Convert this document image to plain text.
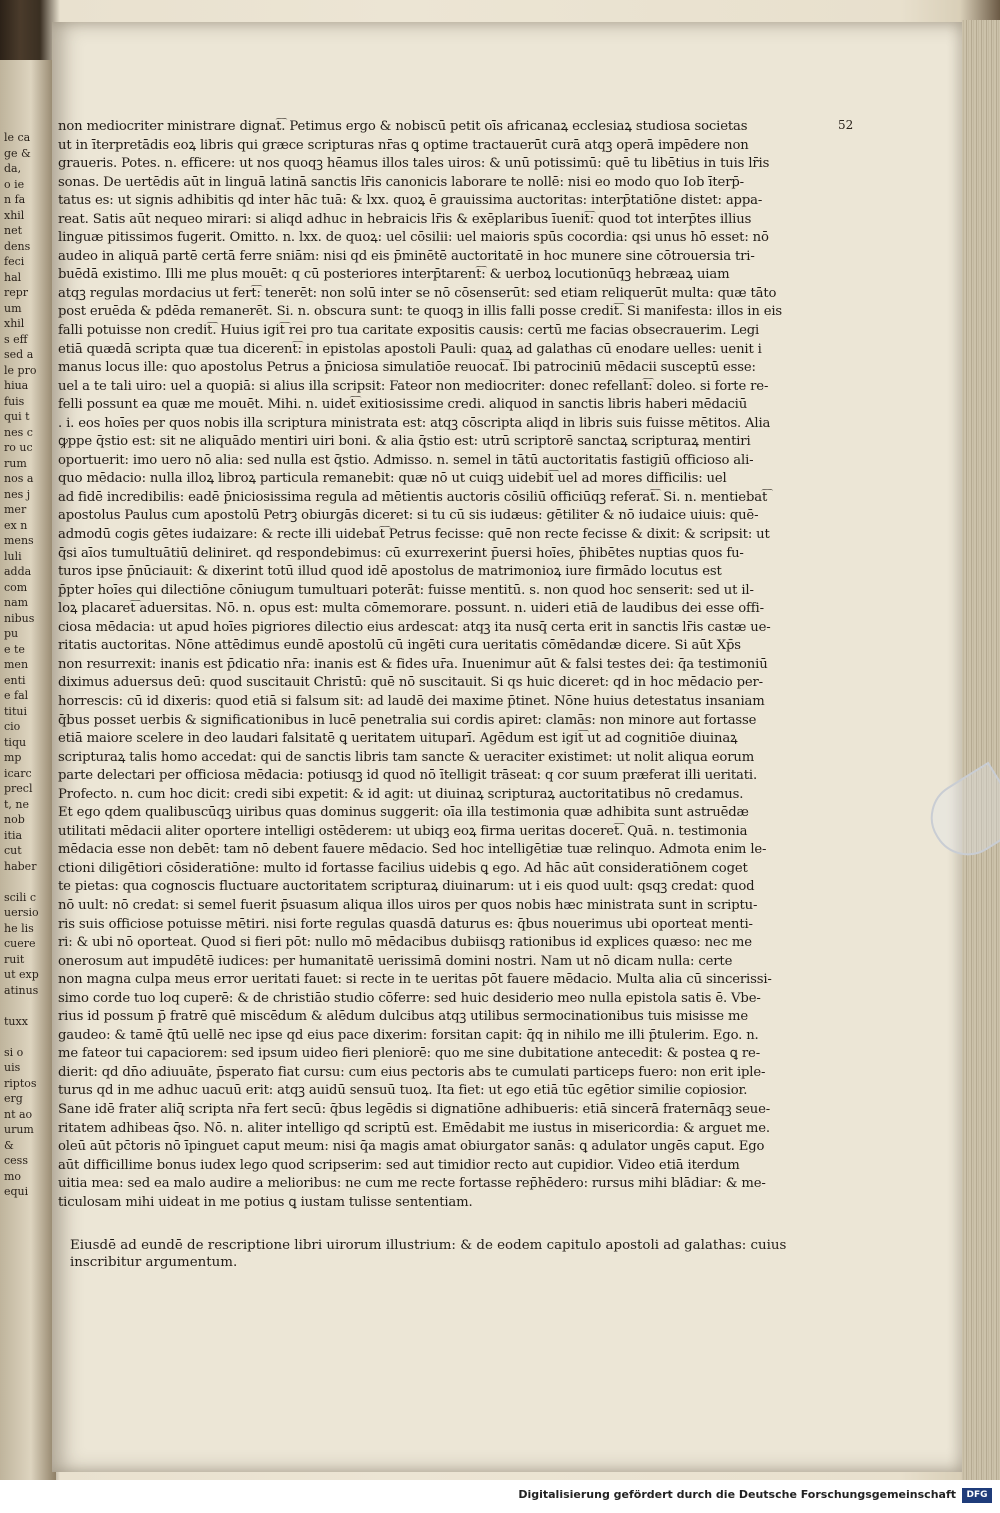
le ca
ge &
da,
o ie
n fa
xhil
net
dens
feci
hal
repr
um
xhil
s eff
sed a
le pro
hiua
fuis
qui t
nes c
ro uc
rum
nos a
nes j
mer
ex n
mens
luli
adda
com
nam
nibus
pu
e te
men
enti
e fal
titui
cio
tiqu
mp
icarc
precl
t, ne
nob
itia
cut
haber

scili c
uersio
he lis
cuere
ruit
ut exp
atinus

tuxx

si o
uis
riptos
erg
nt ao
urum
&
cess
mo
equi

52
non mediocriter ministrare dignat͡. Petimus ergo & nobiscū petit oīs africanaꝝ ecclesiaꝝ studiosa societas
ut in īterpretādis eoꝝ libris qui græce scripturas nr̄as ꝗ optime tractauerūt curā atqꝫ operā impēdere non
graueris. Potes. n. efficere: ut nos quoqꝫ hēamus illos tales uiros: & unū potissimū: quē tu libētius in tuis lr̄is
sonas. De uertēdis aūt in linguā latinā sanctis lr̄is canonicis laborare te nollē: nisi eo modo quo Iob īterp̄-
tatus es: ut signis adhibitis qd inter hāc tuā: & lxx. quoꝝ ē grauissima auctoritas: interp̄tatiōne distet: appa-
reat. Satis aūt nequeo mirari: si aliqd adhuc in hebraicis lr̄is & exēplaribus īuenit͡: quod tot interp̄tes illius
linguæ pitissimos fugerit. Omitto. n. lxx. de quoꝝ: uel cōsilii: uel maioris spūs cocordia: qsi unus hō esset: nō
audeo in aliquā partē certā ferre sniām: nisi qd eis p̄minētē auctoritatē in hoc munere sine cōtrouersia tri-
buēdā existimo. Illi me plus mouēt: q cū posteriores interp̄tarent͡: & uerboꝝ locutionūqꝫ hebræaꝝ uiam
atqꝫ regulas mordacius ut fert͡: tenerēt: non solū inter se nō cōsenserūt: sed etiam reliquerūt multa: quæ tāto
post eruēda & pdēda remanerēt. Si. n. obscura sunt: te quoqꝫ in illis falli posse credit͡. Si manifesta: illos in eis
falli potuisse non credit͡. Huius igit͡ rei pro tua caritate expositis causis: certū me facias obsecrauerim. Legi
etiā quædā scripta quæ tua dicerent͡: in epistolas apostoli Pauli: quaꝝ ad galathas cū enodare uelles: uenit i
manus locus ille: quo apostolus Petrus a p̄niciosa simulatiōe reuocat͡. Ibi patrociniū mēdacii susceptū esse:
uel a te tali uiro: uel a quopiā: si alius illa scripsit: Fateor non mediocriter: donec refellant͡: doleo. si forte re-
felli possunt ea quæ me mouēt. Mihi. n. uidet͡ exitiosissime credi. aliquod in sanctis libris haberi mēdaciū
. i. eos hoīes per quos nobis illa scriptura ministrata est: atqꝫ cōscripta aliqd in libris suis fuisse mētitos. Alia
ꝙppe q̄stio est: sit ne aliquādo mentiri uiri boni. & alia q̄stio est: utrū scriptorē sanctaꝝ scripturaꝝ mentiri
oportuerit: imo uero nō alia: sed nulla est q̄stio. Admisso. n. semel in tātū auctoritatis fastigiū officioso ali-
quo mēdacio: nulla illoꝝ libroꝝ particula remanebit: quæ nō ut cuiqꝫ uidebit͡ uel ad mores difficilis: uel
ad fidē incredibilis: eadē p̄niciosissima regula ad mētientis auctoris cōsiliū officiūqꝫ referat͡. Si. n. mentiebat͡
apostolus Paulus cum apostolū Petrꝫ obiurgās diceret: si tu cū sis iudæus: gētiliter & nō iudaice uiuis: quē-
admodū cogis gētes iudaizare: & recte illi uidebat͡ Petrus fecisse: quē non recte fecisse & dixit: & scripsit: ut
q̄si aīos tumultuātiū deliniret. qd respondebimus: cū exurrexerint p̄uersi hoīes, p̄hibētes nuptias quos fu-
turos ipse p̄nūciauit: & dixerint totū illud quod idē apostolus de matrimonioꝝ iure firmādo locutus est
p̄pter hoīes qui dilectiōne cōniugum tumultuari poterāt: fuisse mentitū. s. non quod hoc senserit: sed ut il-
loꝝ placaret͡ aduersitas. Nō. n. opus est: multa cōmemorare. possunt. n. uideri etiā de laudibus dei esse offi-
ciosa mēdacia: ut apud hoīes pigriores dilectio eius ardescat: atqꝫ ita nusq̄ certa erit in sanctis lr̄is castæ ue-
ritatis auctoritas. Nōne attēdimus eundē apostolū cū ingēti cura ueritatis cōmēdandæ dicere. Si aūt Xp̄s
non resurrexit: inanis est p̄dicatio nr̄a: inanis est & fides ur̄a. Inuenimur aūt & falsi testes dei: q̄a testimoniū
diximus aduersus deū: quod suscitauit Christū: quē nō suscitauit. Si qs huic diceret: qd in hoc mēdacio per-
horrescis: cū id dixeris: quod etiā si falsum sit: ad laudē dei maxime p̄tinet. Nōne huius detestatus insaniam
q̄bus posset uerbis & significationibus in lucē penetralia sui cordis apiret: clamās: non minore aut fortasse
etiā maiore scelere in deo laudari falsitatē ꝗ ueritatem uituparī. Agēdum est igit͡ ut ad cognitiōe diuinaꝝ
scripturaꝝ talis homo accedat: qui de sanctis libris tam sancte & ueraciter existimet: ut nolit aliqua eorum
parte delectari per officiosa mēdacia: potiusqꝫ id quod nō ītelligit trāseat: q cor suum præferat illi ueritati.
Profecto. n. cum hoc dicit: credi sibi expetit: & id agit: ut diuinaꝝ scripturaꝝ auctoritatibus nō credamus.
Et ego qdem qualibuscūqꝫ uiribus quas dominus suggerit: oīa illa testimonia quæ adhibita sunt astruēdæ
utilitati mēdacii aliter oportere intelligi ostēderem: ut ubiqꝫ eoꝝ firma ueritas doceret͡. Quā. n. testimonia
mēdacia esse non debēt: tam nō debent fauere mēdacio. Sed hoc intelligētiæ tuæ relinquo. Admota enim le-
ctioni diligētiori cōsideratiōne: multo id fortasse facilius uidebis ꝗ ego. Ad hāc aūt consideratiōnem coget
te pietas: qua cognoscis fluctuare auctoritatem scripturaꝝ diuinarum: ut i eis quod uult: qsqꝫ credat: quod
nō uult: nō credat: si semel fuerit p̄suasum aliqua illos uiros per quos nobis hæc ministrata sunt in scriptu-
ris suis officiose potuisse mētiri. nisi forte regulas quasdā daturus es: q̄bus nouerimus ubi oporteat menti-
ri: & ubi nō oporteat. Quod si fieri pōt: nullo mō mēdacibus dubiisqꝫ rationibus id explices quæso: nec me
onerosum aut impudētē iudices: per humanitatē uerissimā domini nostri. Nam ut nō dicam nulla: certe
non magna culpa meus error ueritati fauet: si recte in te ueritas pōt fauere mēdacio. Multa alia cū sincerissi-
simo corde tuo loq cuperē: & de christiāo studio cōferre: sed huic desiderio meo nulla epistola satis ē. Vbe-
rius id possum p̄ fratrē quē miscēdum & alēdum dulcibus atqꝫ utilibus sermocinationibus tuis misisse me
gaudeo: & tamē q̄tū uellē nec ipse qd eius pace dixerim: forsitan capit: q̄q in nihilo me illi p̄tulerim. Ego. n.
me fateor tui capaciorem: sed ipsum uideo fieri pleniorē: quo me sine dubitatione antecedit: & postea ꝗ re-
dierit: qd dn̄o adiuuāte, p̄sperato fiat cursu: cum eius pectoris abs te cumulati particeps fuero: non erit iple-
turus qd in me adhuc uacuū erit: atqꝫ auidū sensuū tuoꝝ. Ita fiet: ut ego etiā tūc egētior similie copiosior.
Sane idē frater aliq̄ scripta nr̄a fert secū: q̄bus legēdis si dignatiōne adhibueris: etiā sincerā fraternāqꝫ seue-
ritatem adhibeas q̄so. Nō. n. aliter intelligo qd scriptū est. Emēdabit me iustus in misericordia: & arguet me.
oleū aūt pc̄toris nō īpinguet caput meum: nisi q̄a magis amat obiurgator sanās: ꝗ adulator ungēs caput. Ego
aūt difficillime bonus iudex lego quod scripserim: sed aut timidior recto aut cupidior. Video etiā iterdum
uitia mea: sed ea malo audire a melioribus: ne cum me recte fortasse rep̄hēdero: rursus mihi blādiar: & me-
ticulosam mihi uideat in me potius ꝗ iustam tulisse sententiam.
Eiusdē ad eundē de rescriptione libri uirorum illustrium: & de eodem capitulo apostoli ad galathas: cuius
inscribitur argumentum.
Digitalisierung gefördert durch die Deutsche Forschungsgemeinschaft	DFG
